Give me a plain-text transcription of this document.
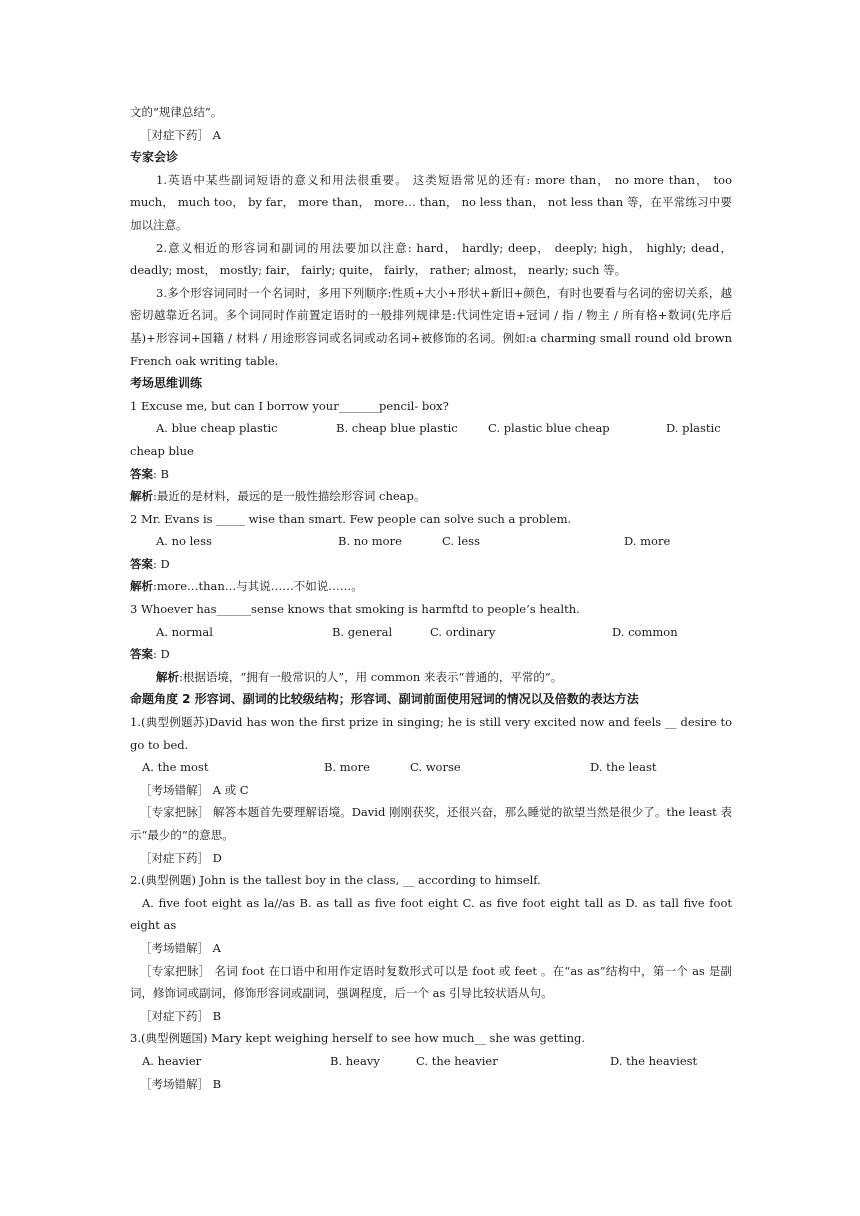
文的“规律总结”。
［对症下药］ A
专家会诊
1.英语中某些副词短语的意义和用法很重要。 这类短语常见的还有: more than， no more than， too much， much too， by far， more than， more… than， no less than， not less than 等，在平常练习中要加以注意。
2.意义相近的形容词和副词的用法要加以注意: hard， hardly; deep， deeply; high， highly; dead， deadly; most， mostly; fair， fairly; quite， fairly， rather; almost， nearly; such 等。
3.多个形容词同时一个名词时，多用下列顺序:性质+大小+形状+新旧+颜色，有时也要看与名词的密切关系，越密切越靠近名词。多个词同时作前置定语时的一般排列规律是:代词性定语+冠词 / 指 / 物主 / 所有格+数词(先序后基)+形容词+国籍 / 材料 / 用途形容词或名词或动名词+被修饰的名词。例如:a charming small round old brown French oak writing table.
考场思维训练
1 Excuse me, but can I borrow your_______pencil- box?
A. blue cheap plastic	B. cheap blue plastic	C. plastic blue cheap	D. plastic
cheap blue
答案: B
解析:最近的是材料，最远的是一般性描绘形容词 cheap。
2 Mr. Evans is _____ wise than smart. Few people can solve such a problem.
A. no less	B. no more	C. less	D. more
答案: D
解析:more…than…与其说……不如说……。
3 Whoever has______sense knows that smoking is harmftd to people’s health.
A. normal	B. general	C. ordinary	D. common
答案: D
解析:根据语境，“拥有一般常识的人”，用 common 来表示“普通的，平常的”。
命题角度 2 形容词、副词的比较级结构；形容词、副词前面使用冠词的情况以及倍数的表达方法
1.(典型例题苏)David has won the first prize in singing; he is still very excited now and feels __ desire to go to bed.
A. the most	B. more	C. worse	D. the least
［考场错解］ A 或 C
［专家把脉］ 解答本题首先要理解语境。David 刚刚获奖，还很兴奋，那么睡觉的欲望当然是很少了。the least 表示“最少的”的意思。
［对症下药］ D
2.(典型例题) John is the tallest boy in the class, __ according to himself.
A. five foot eight as la//as B. as tall as five foot eight C. as five foot eight tall as D. as tall five foot eight as
［考场错解］ A
［专家把脉］ 名词 foot 在口语中和用作定语时复数形式可以是 foot 或 feet 。在“as as”结构中，第一个 as 是副词，修饰词或副词，修饰形容词或副词，强调程度，后一个 as 引导比较状语从句。
［对症下药］ B
3.(典型例题国) Mary kept weighing herself to see how much__ she was getting.
A. heavier	B. heavy	C. the heavier	D. the heaviest
［考场错解］ B
